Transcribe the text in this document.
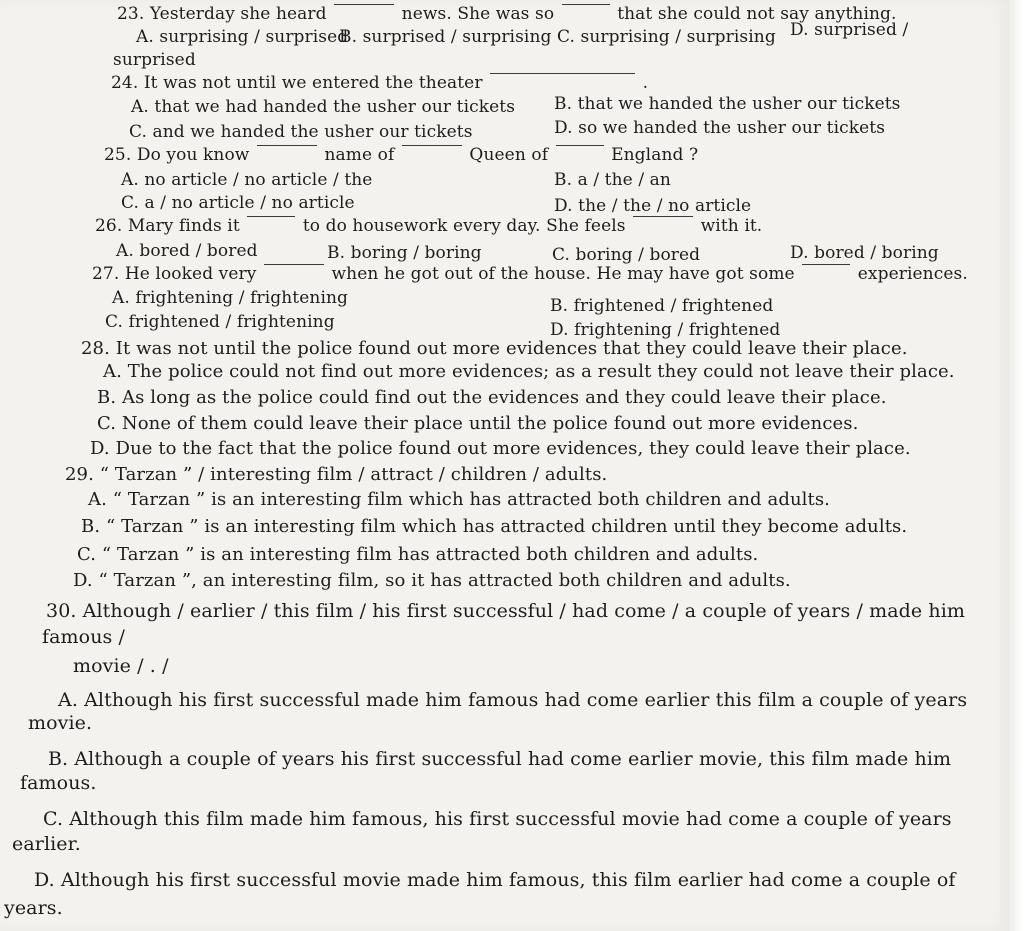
23. Yesterday she heard	news. She was so	that she could not say anything.
A. surprising / surprised
B. surprised / surprising C. surprising / surprising D. surprised /
surprised
24. It was not until we entered the theater	.
A. that we had handed the usher our tickets B. that we handed the usher our tickets
C. and we handed the usher our tickets	D. so we handed the usher our tickets
25. Do you know	name of	Queen of	England ?
A. no article / no article / the	B. a / the / an
C. a / no article / no article	D. the / the / no article
26. Mary finds it	to do housework every day. She feels	with it.
A. bored / bored	B. boring / boring	C. boring / bored	D. bored / boring
27. He looked very	when he got out of the house. He may have got some	experiences.
A. frightening / frightening	B. frightened / frightened
C. frightened / frightening	D. frightening / frightened
28. It was not until the police found out more evidences that they could leave their place.
A. The police could not find out more evidences; as a result they could not leave their place.
B. As long as the police could find out the evidences and they could leave their place.
C. None of them could leave their place until the police found out more evidences.
D. Due to the fact that the police found out more evidences, they could leave their place.
29. “ Tarzan ” / interesting film / attract / children / adults.
A. “ Tarzan ” is an interesting film which has attracted both children and adults.
B. “ Tarzan ” is an interesting film which has attracted children until they become adults.
C. “ Tarzan ” is an interesting film has attracted both children and adults.
D. “ Tarzan ”, an interesting film, so it has attracted both children and adults.
30. Although / earlier / this film / his first successful / had come / a couple of years / made him
famous /
movie / . /
A. Although his first successful made him famous had come earlier this film a couple of years
movie.
B. Although a couple of years his first successful had come earlier movie, this film made him
famous.
C. Although this film made him famous, his first successful movie had come a couple of years
earlier.
D. Although his first successful movie made him famous, this film earlier had come a couple of
years.
